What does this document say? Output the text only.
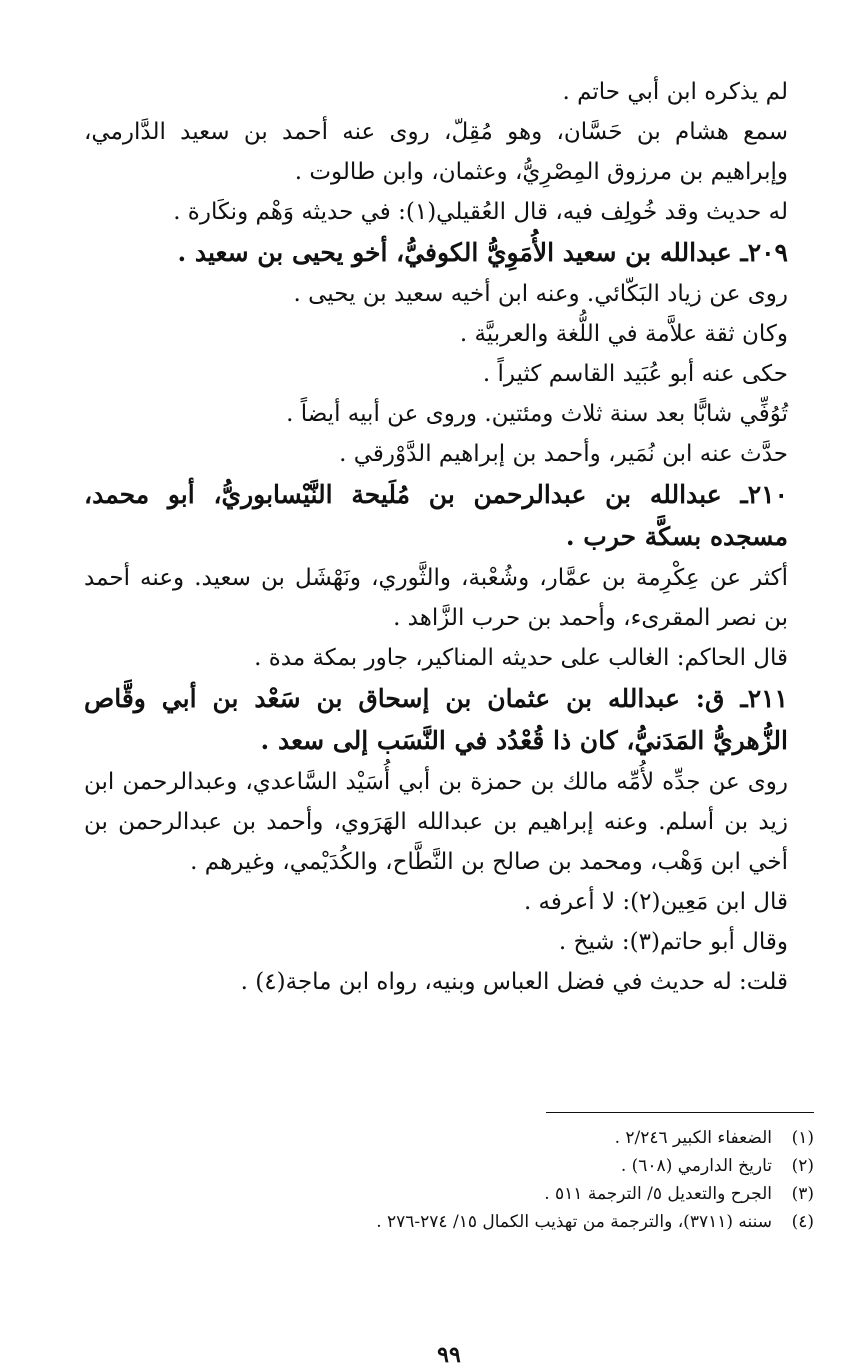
لم يذكره ابن أبي حاتم .

سمع هشام بن حَسَّان، وهو مُقِلّ، روى عنه أحمد بن سعيد الدَّارمي، وإبراهيم بن مرزوق المِصْرِيُّ، وعثمان، وابن طالوت .

له حديث وقد خُولِف فيه، قال العُقيلي(١): في حديثه وَهْم ونكَارة .

٢٠٩ـ عبدالله بن سعيد الأُمَوِيُّ الكوفيُّ، أخو يحيى بن سعيد .

روى عن زياد البَكّائي. وعنه ابن أخيه سعيد بن يحيى .

وكان ثقة علاَّمة في اللُّغة والعربيَّة .

حكى عنه أبو عُبَيد القاسم كثيراً .

تُوُفِّي شابًّا بعد سنة ثلاث ومئتين. وروى عن أبيه أيضاً .

حدَّث عنه ابن نُمَير، وأحمد بن إبراهيم الدَّوْرقي .

٢١٠ـ عبدالله بن عبدالرحمن بن مُلَيحة النَّيْسابوريُّ، أبو محمد، مسجده بسكَّة حرب .

أكثر عن عِكْرِمة بن عمَّار، وشُعْبة، والثَّوري، ونَهْشَل بن سعيد. وعنه أحمد بن نصر المقرىء، وأحمد بن حرب الزَّاهد .

قال الحاكم: الغالب على حديثه المناكير، جاور بمكة مدة .

٢١١ـ ق: عبدالله بن عثمان بن إسحاق بن سَعْد بن أبي وقَّاص الزُّهريُّ المَدَنيُّ، كان ذا قُعْدُد في النَّسَب إلى سعد .

روى عن جدِّه لأُمِّه مالك بن حمزة بن أبي أُسَيْد السَّاعدي، وعبدالرحمن ابن زيد بن أسلم. وعنه إبراهيم بن عبدالله الهَرَوي، وأحمد بن عبدالرحمن بن أخي ابن وَهْب، ومحمد بن صالح بن النَّطَّاح، والكُدَيْمي، وغيرهم .

قال ابن مَعِين(٢): لا أعرفه .

وقال أبو حاتم(٣): شيخ .

قلت: له حديث في فضل العباس وبنيه، رواه ابن ماجة(٤) .

(١)
الضعفاء الكبير ٢/٢٤٦ .
(٢)
تاريخ الدارمي (٦٠٨) .
(٣)
الجرح والتعديل ٥/ الترجمة ٥١١ .
(٤)
سننه (٣٧١١)، والترجمة من تهذيب الكمال ١٥/ ٢٧٤-٢٧٦ .
٩٩
